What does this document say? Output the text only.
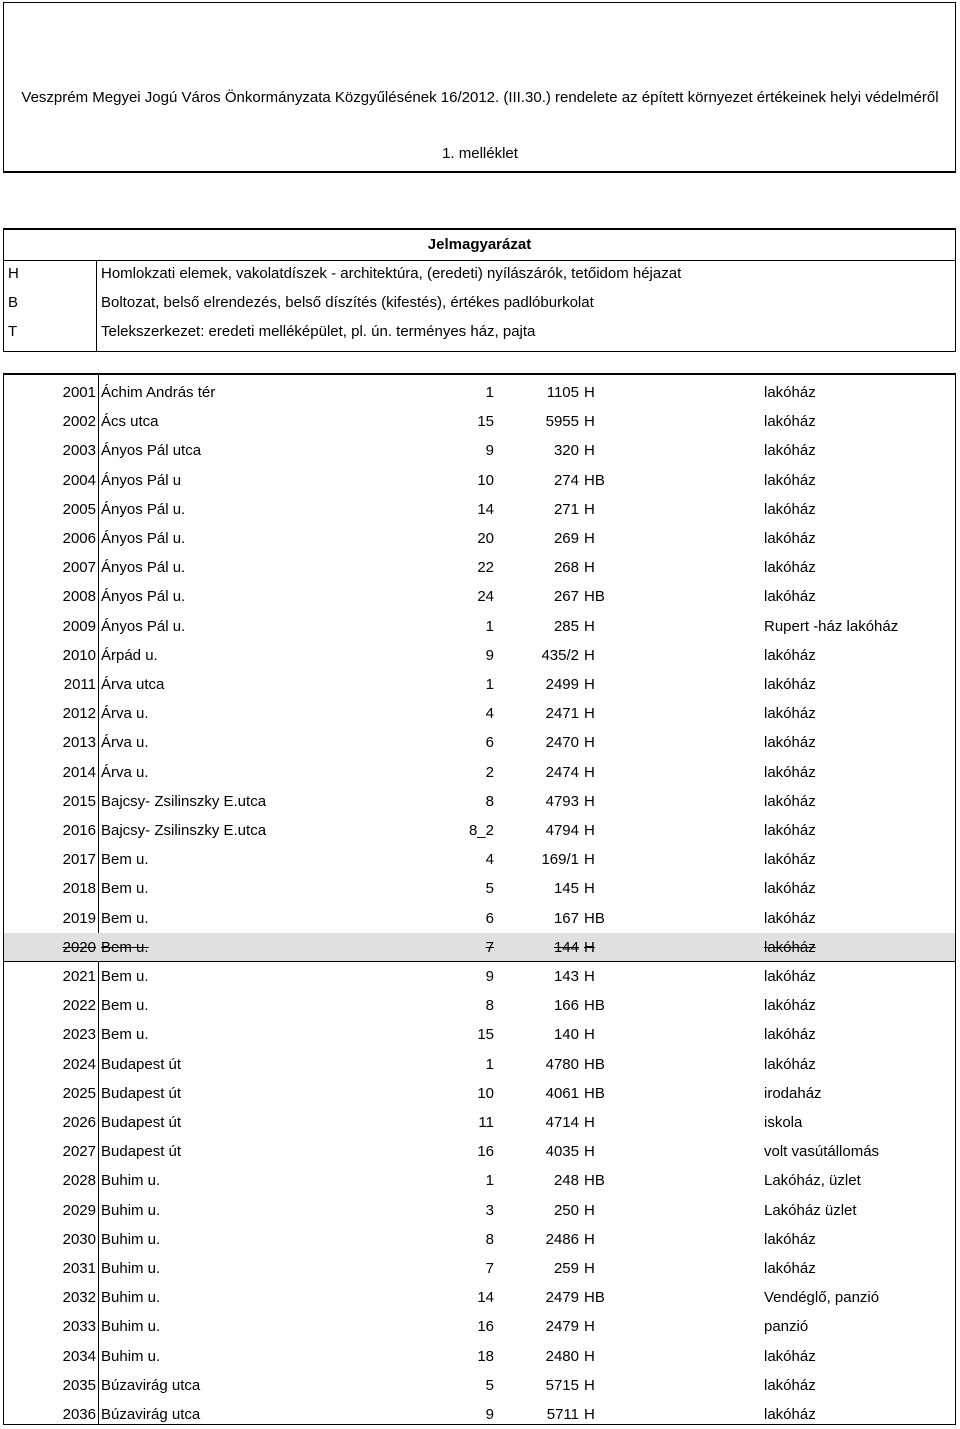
Veszprém Megyei Jogú Város Önkormányzata Közgyűlésének 16/2012. (III.30.) rendelete az épített környezet értékeinek helyi védelméről
1. melléklet
Jelmagyarázat
H	Homlokzati elemek, vakolatdíszek - architektúra, (eredeti) nyílászárók, tetőidom héjazat
B	Boltozat, belső elrendezés, belső díszítés (kifestés), értékes padlóburkolat
T	Telekszerkezet: eredeti melléképület, pl. ún. terményes ház, pajta
2001 Áchim András tér	1	1105 H	lakóház
2002 Ács utca	15	5955 H	lakóház
2003 Ányos Pál utca	9	320 H	lakóház
2004 Ányos Pál u	10	274 HB	lakóház
2005 Ányos Pál u.	14	271 H	lakóház
2006 Ányos Pál u.	20	269 H	lakóház
2007 Ányos Pál u.	22	268 H	lakóház
2008 Ányos Pál u.	24	267 HB	lakóház
2009 Ányos Pál u.	1	285 H	Rupert -ház lakóház
2010 Árpád u.	9	435/2 H	lakóház
2011 Árva utca	1	2499 H	lakóház
2012 Árva u.	4	2471 H	lakóház
2013 Árva u.	6	2470 H	lakóház
2014 Árva u.	2	2474 H	lakóház
2015 Bajcsy- Zsilinszky E.utca	8	4793 H	lakóház
2016 Bajcsy- Zsilinszky E.utca	8_2	4794 H	lakóház
2017 Bem u.	4	169/1 H	lakóház
2018 Bem u.	5	145 H	lakóház
2019 Bem u.	6	167 HB	lakóház
2020 Bem u.	7	144 H	lakóház
2021 Bem u.	9	143 H	lakóház
2022 Bem u.	8	166 HB	lakóház
2023 Bem u.	15	140 H	lakóház
2024 Budapest út	1	4780 HB	lakóház
2025 Budapest út	10	4061 HB	irodaház
2026 Budapest út	11	4714 H	iskola
2027 Budapest út	16	4035 H	volt vasútállomás
2028 Buhim u.	1	248 HB	Lakóház, üzlet
2029 Buhim u.	3	250 H	Lakóház üzlet
2030 Buhim u.	8	2486 H	lakóház
2031 Buhim u.	7	259 H	lakóház
2032 Buhim u.	14	2479 HB	Vendéglő, panzió
2033 Buhim u.	16	2479 H	panzió
2034 Buhim u.	18	2480 H	lakóház
2035 Búzavirág utca	5	5715 H	lakóház
2036 Búzavirág utca	9	5711 H	lakóház
